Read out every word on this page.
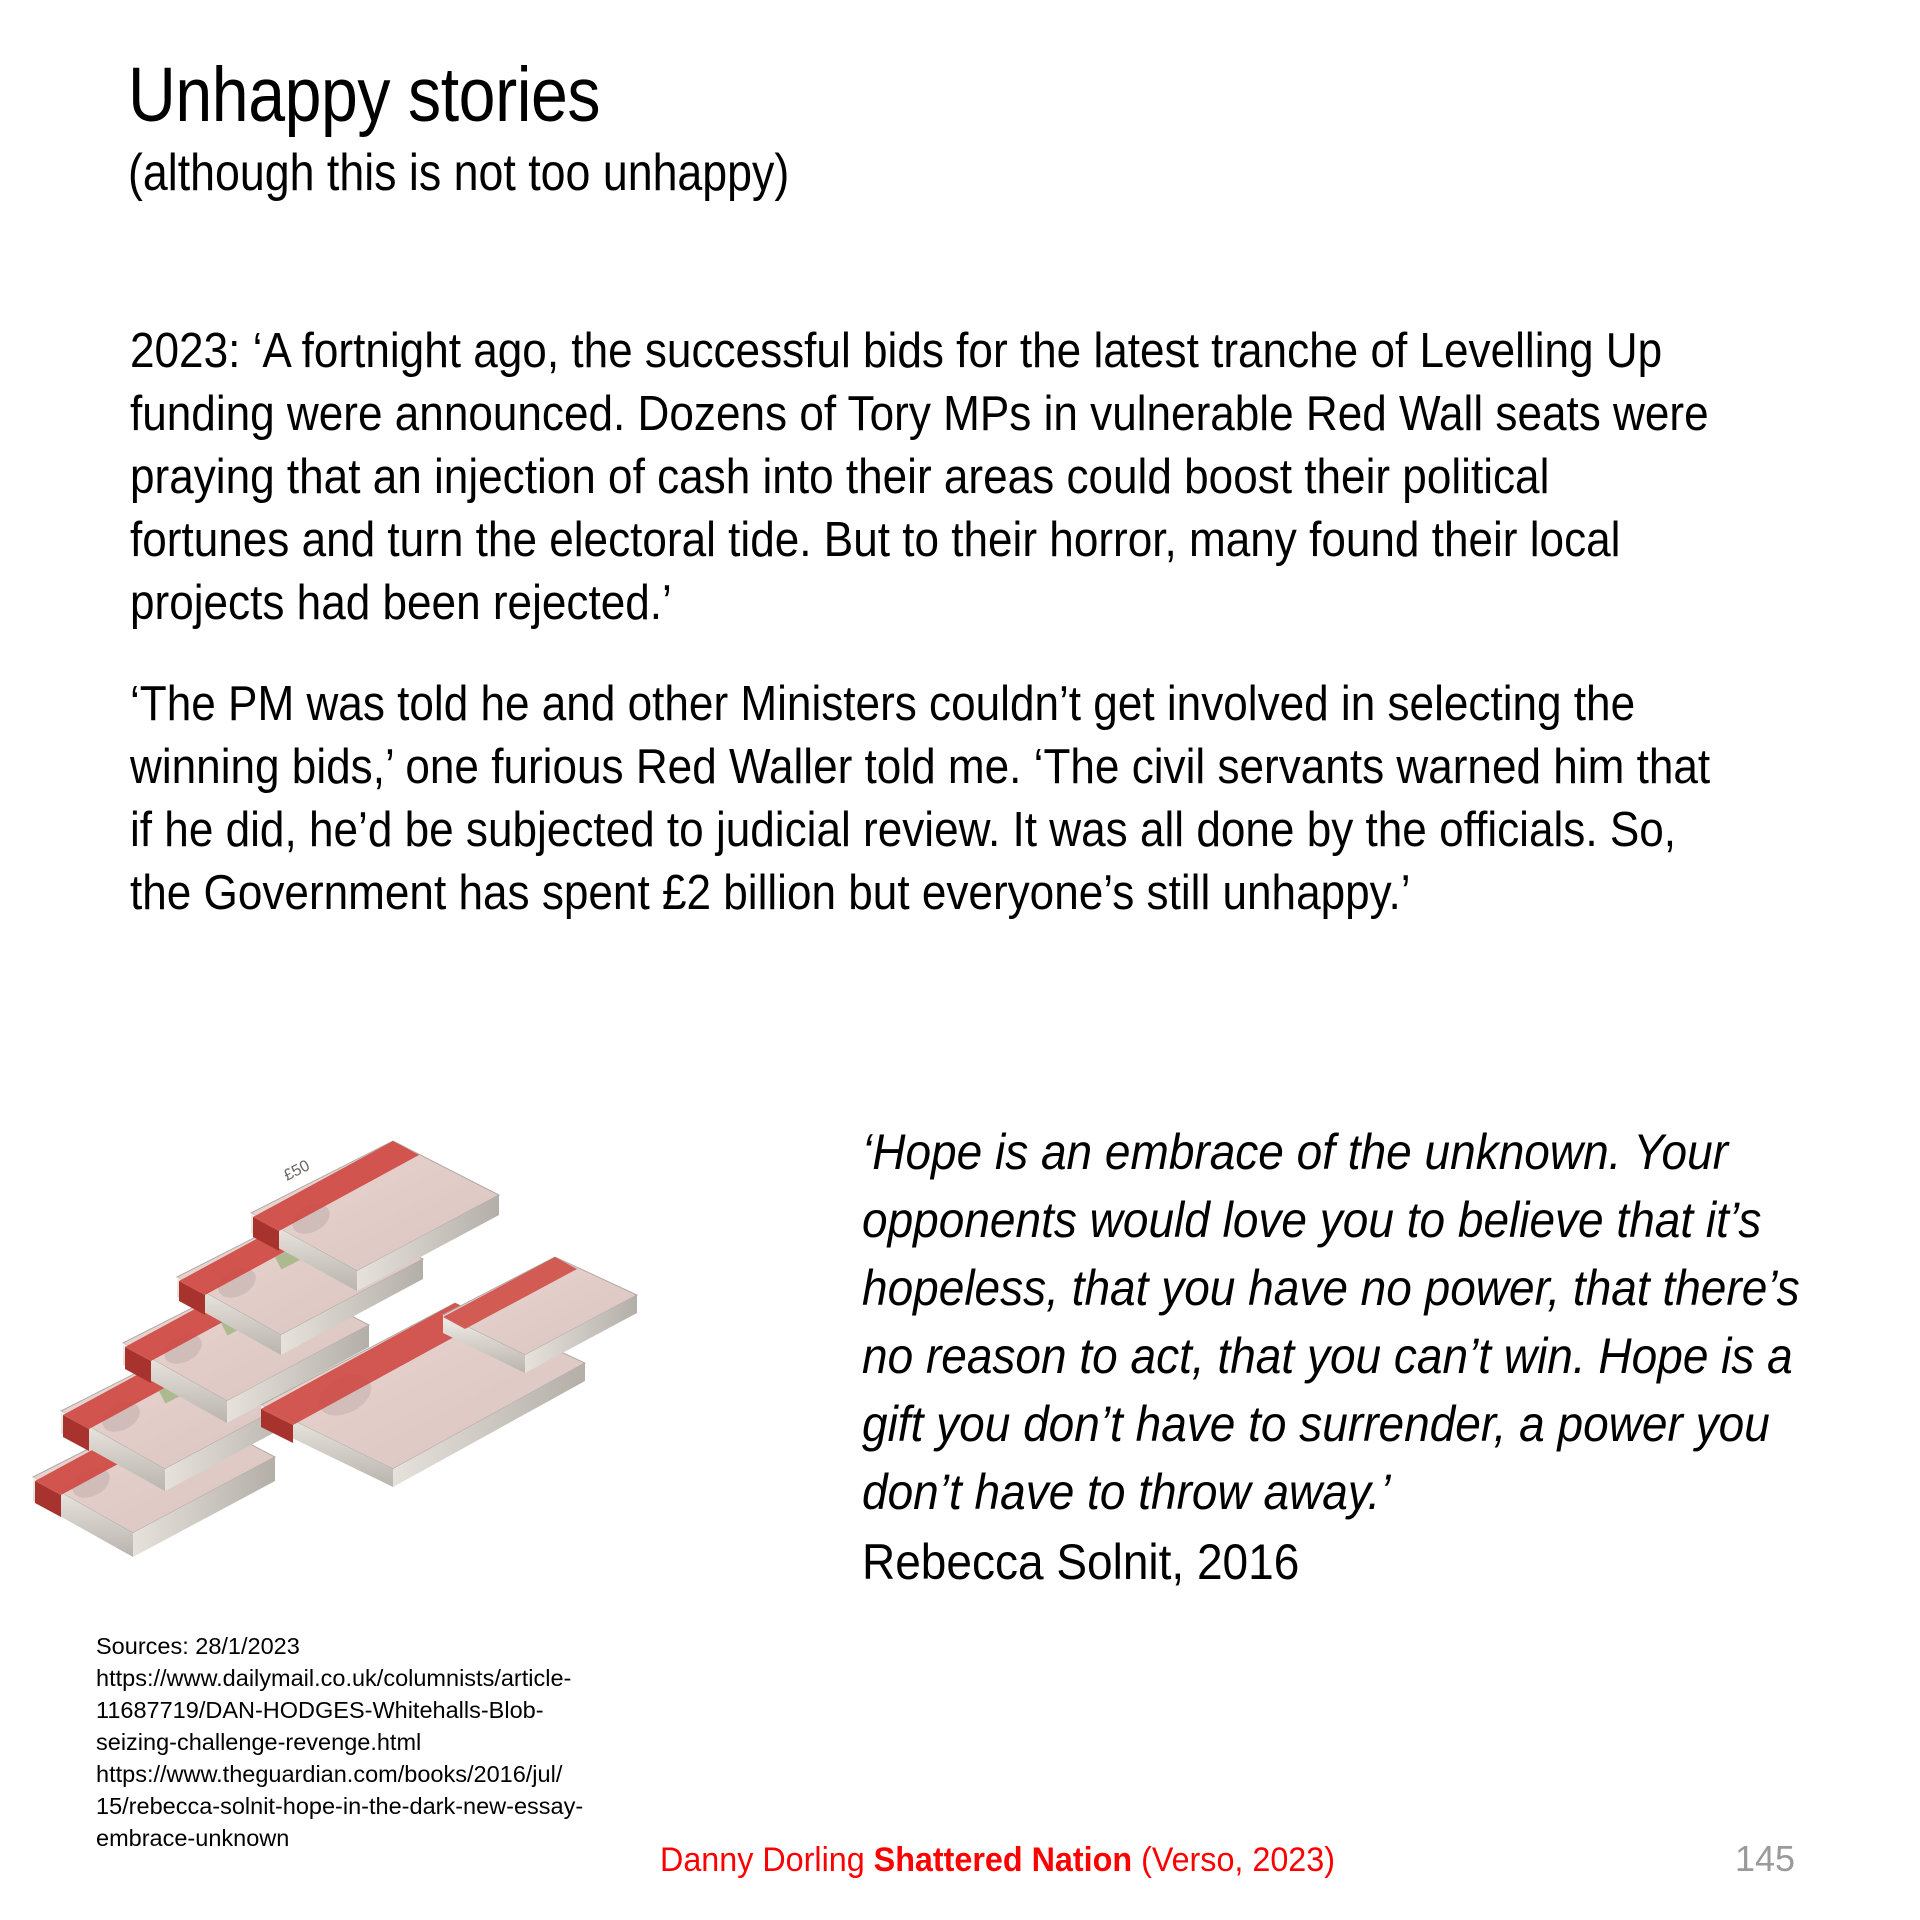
Unhappy stories
(although this is not too unhappy)

2023: ‘A fortnight ago, the successful bids for the latest tranche of Levelling Up funding were announced. Dozens of Tory MPs in vulnerable Red Wall seats were praying that an injection of cash into their areas could boost their political fortunes and turn the electoral tide. But to their horror, many found their local projects had been rejected.’

‘The PM was told he and other Ministers couldn’t get involved in selecting the winning bids,’ one furious Red Waller told me. ‘The civil servants warned him that if he did, he’d be subjected to judicial review. It was all done by the officials. So, the Government has spent £2 billion but everyone’s still unhappy.’

£50	‘Hope is an embrace of the unknown. Your opponents would love you to believe that it’s hopeless, that you have no power, that there’s no reason to act, that you can’t win. Hope is a gift you don’t have to surrender, a power you don’t have to throw away.’
Rebecca Solnit, 2016
Sources: 28/1/2023
https://www.dailymail.co.uk/columnists/article-
11687719/DAN-HODGES-Whitehalls-Blob-
seizing-challenge-revenge.html
https://www.theguardian.com/books/2016/jul/
15/rebecca-solnit-hope-in-the-dark-new-essay-
embrace-unknown
Danny Dorling Shattered Nation (Verso, 2023)	145
